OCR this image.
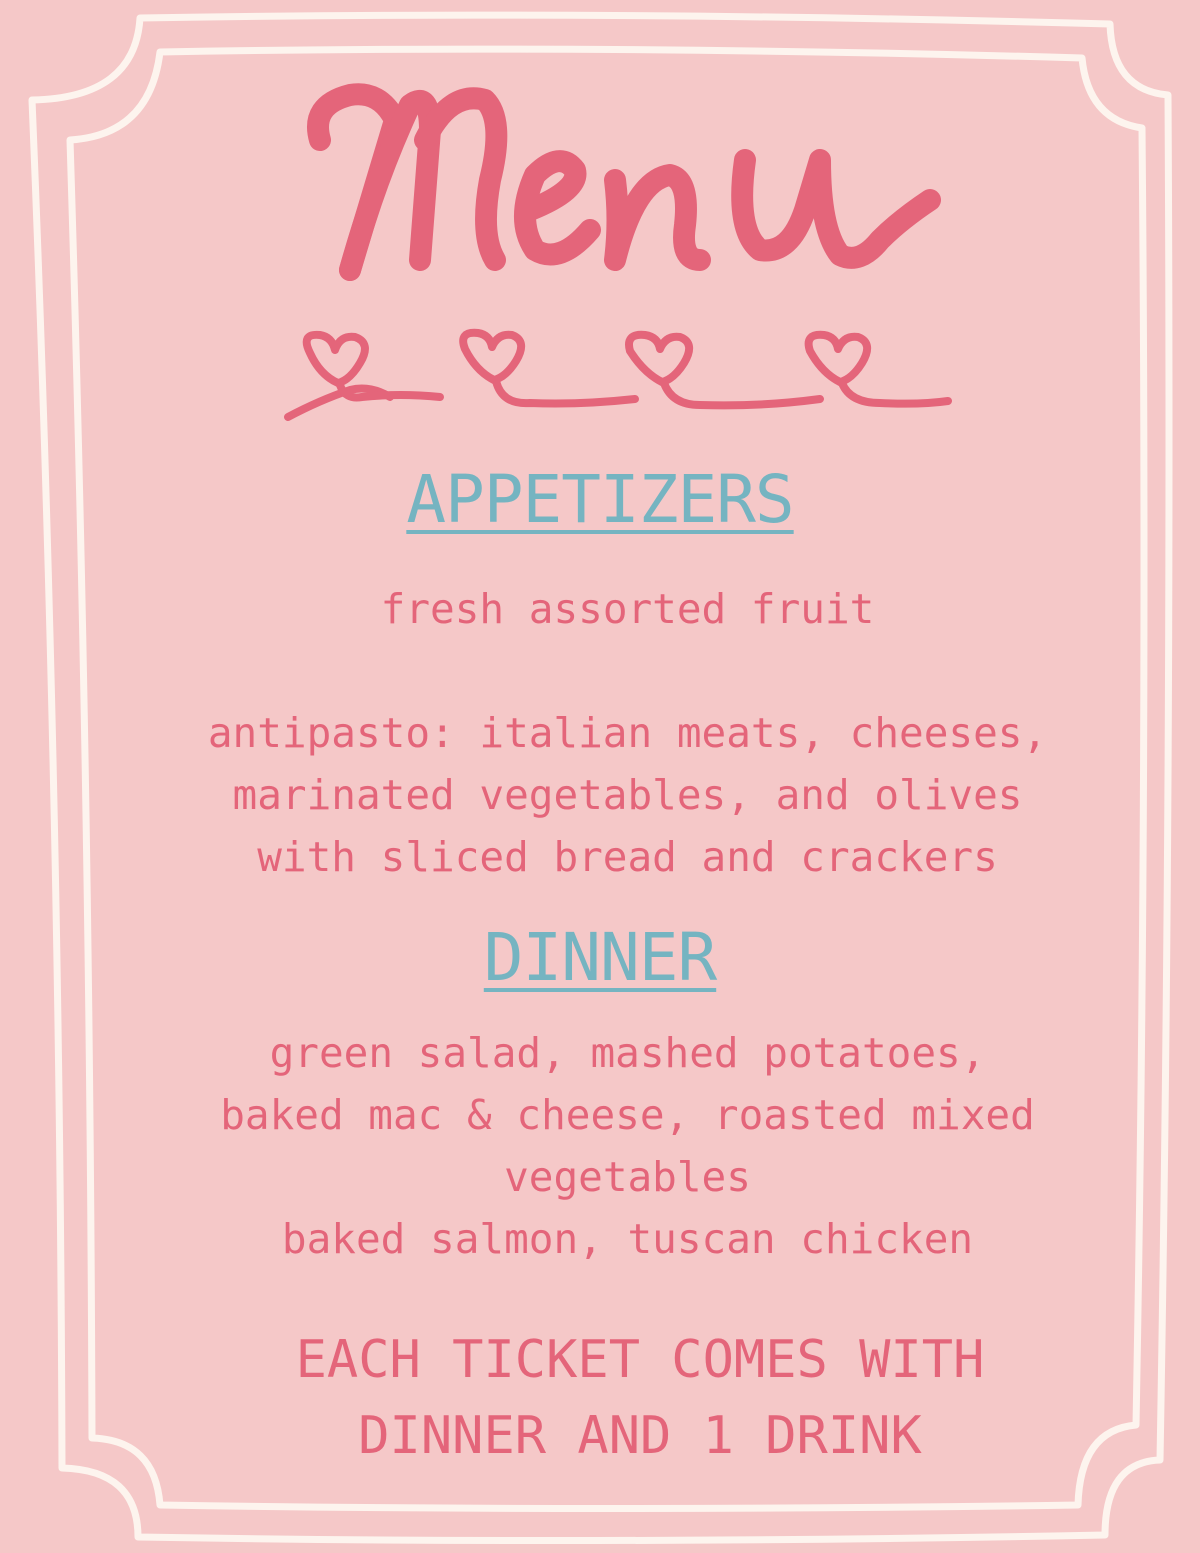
APPETIZERS

fresh assorted fruit

antipasto: italian meats, cheeses,
marinated vegetables, and olives
with sliced bread and crackers

DINNER

green salad, mashed potatoes,
baked mac & cheese, roasted mixed
vegetables
baked salmon, tuscan chicken

EACH TICKET COMES WITH
DINNER AND 1 DRINK
